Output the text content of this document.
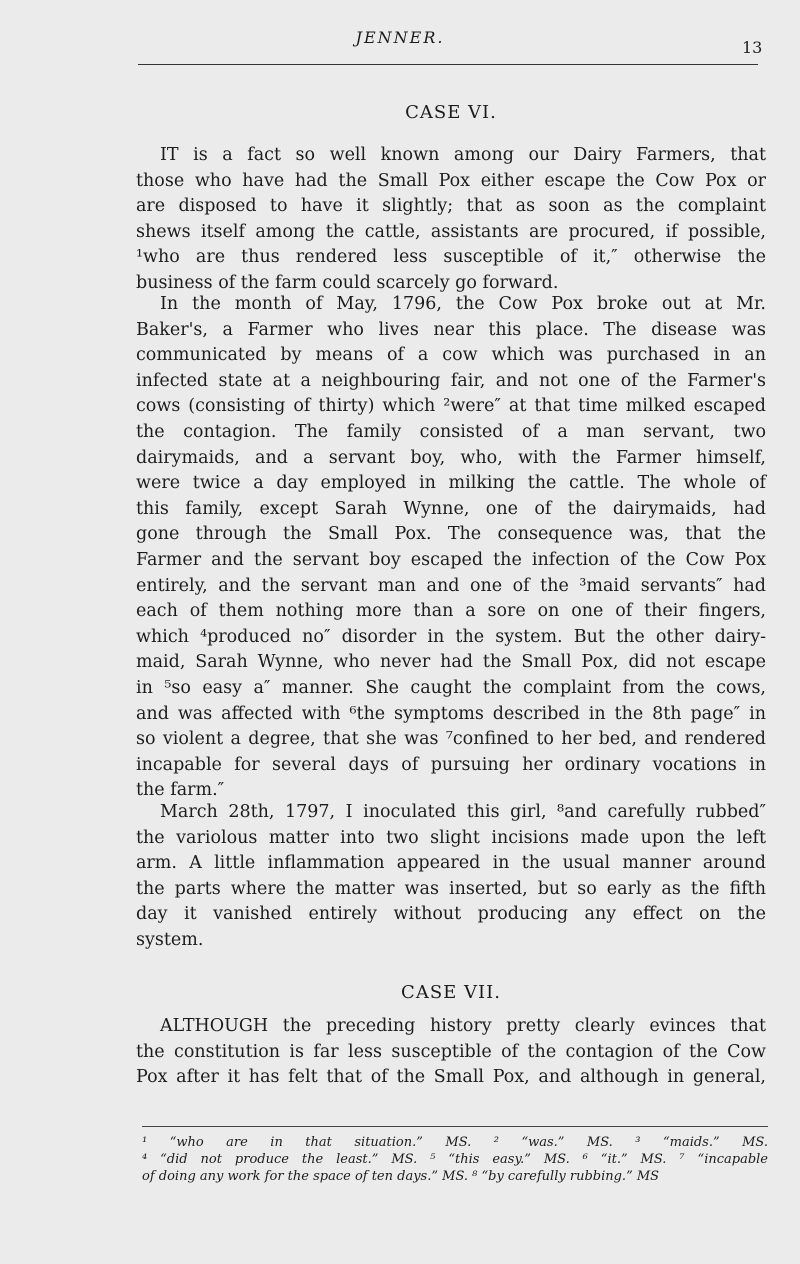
JENNER.
13
CASE VI.
IT is a fact so well known among our Dairy Farmers, that
those who have had the Small Pox either escape the Cow Pox or
are disposed to have it slightly; that as soon as the complaint
shews itself among the cattle, assistants are procured, if possible,
¹who are thus rendered less susceptible of it,″ otherwise the
business of the farm could scarcely go forward.
In the month of May, 1796, the Cow Pox broke out at Mr.
Baker's, a Farmer who lives near this place. The disease was
communicated by means of a cow which was purchased in an
infected state at a neighbouring fair, and not one of the Farmer's
cows (consisting of thirty) which ²were″ at that time milked escaped
the contagion. The family consisted of a man servant, two
dairymaids, and a servant boy, who, with the Farmer himself,
were twice a day employed in milking the cattle. The whole of
this family, except Sarah Wynne, one of the dairymaids, had
gone through the Small Pox. The consequence was, that the
Farmer and the servant boy escaped the infection of the Cow Pox
entirely, and the servant man and one of the ³maid servants″ had
each of them nothing more than a sore on one of their fingers,
which ⁴produced no″ disorder in the system. But the other dairy-
maid, Sarah Wynne, who never had the Small Pox, did not escape
in ⁵so easy a″ manner. She caught the complaint from the cows,
and was affected with ⁶the symptoms described in the 8th page″ in
so violent a degree, that she was ⁷confined to her bed, and rendered
incapable for several days of pursuing her ordinary vocations in
the farm.″
March 28th, 1797, I inoculated this girl, ⁸and carefully rubbed″
the variolous matter into two slight incisions made upon the left
arm. A little inflammation appeared in the usual manner around
the parts where the matter was inserted, but so early as the fifth
day it vanished entirely without producing any effect on the
system.
CASE VII.
ALTHOUGH the preceding history pretty clearly evinces that
the constitution is far less susceptible of the contagion of the Cow
Pox after it has felt that of the Small Pox, and although in general,
¹ “who are in that situation.” MS. ² “was.” MS. ³ “maids.” MS.
⁴ “did not produce the least.” MS. ⁵ “this easy.” MS. ⁶ “it.” MS. ⁷ “incapable
of doing any work for the space of ten days.” MS. ⁸ “by carefully rubbing.” MS
